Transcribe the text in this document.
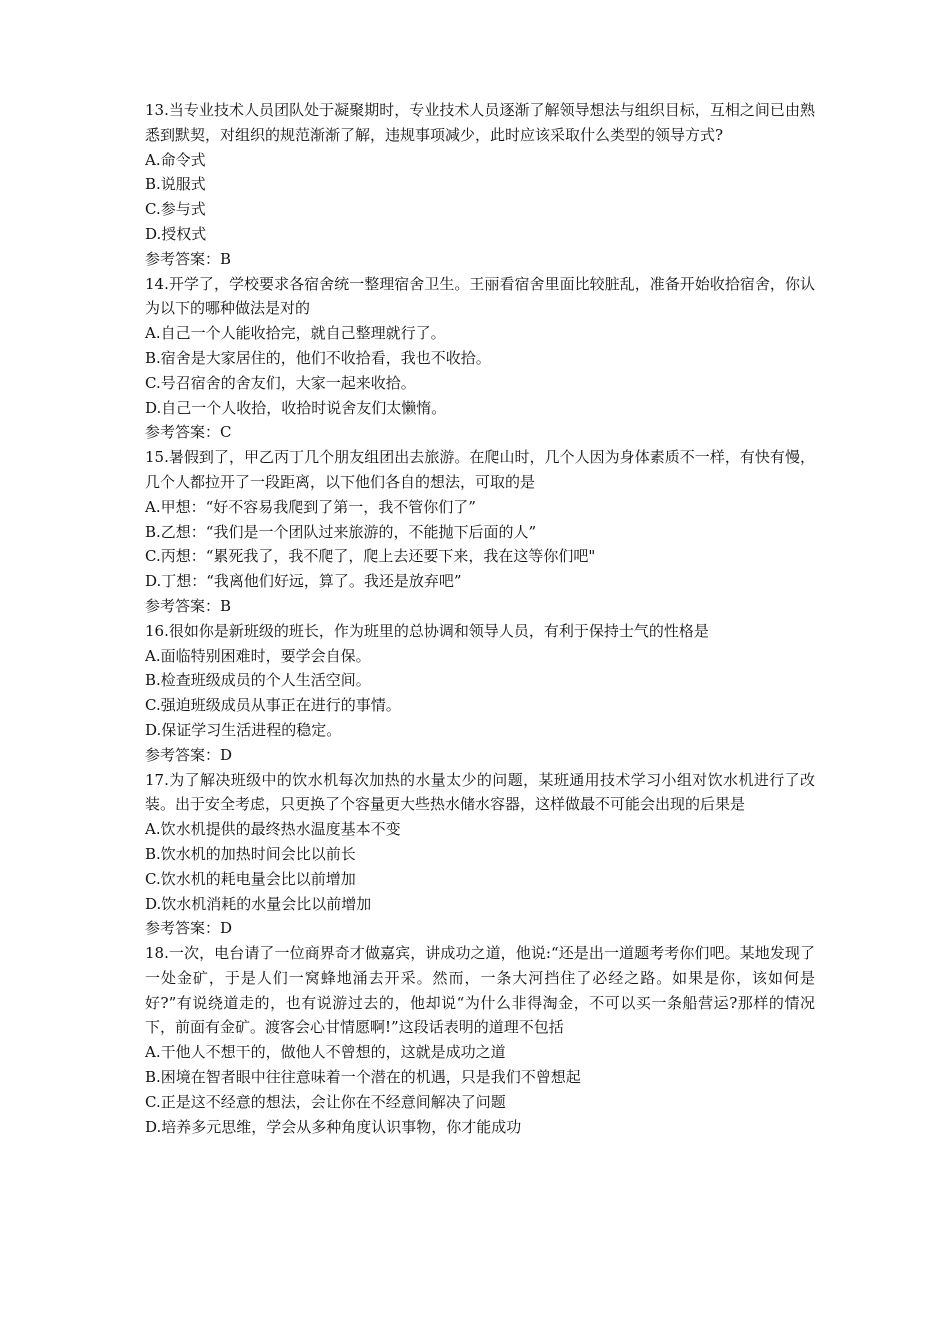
13.当专业技术人员团队处于凝聚期时，专业技术人员逐渐了解领导想法与组织目标，互相之间已由熟悉到默契，对组织的规范渐渐了解，违规事项减少，此时应该采取什么类型的领导方式?

A.命令式

B.说服式

C.参与式

D.授权式

参考答案：B

14.开学了，学校要求各宿舍统一整理宿舍卫生。王丽看宿舍里面比较脏乱，准备开始收拾宿舍，你认为以下的哪种做法是对的

A.自己一个人能收拾完，就自己整理就行了。

B.宿舍是大家居住的，他们不收拾看，我也不收拾。

C.号召宿舍的舍友们，大家一起来收拾。

D.自己一个人收拾，收拾时说舍友们太懒惰。

参考答案：C

15.暑假到了，甲乙丙丁几个朋友组团出去旅游。在爬山时，几个人因为身体素质不一样，有快有慢，几个人都拉开了一段距离，以下他们各自的想法，可取的是

A.甲想：“好不容易我爬到了第一，我不管你们了”

B.乙想：“我们是一个团队过来旅游的，不能抛下后面的人”

C.丙想：“累死我了，我不爬了，爬上去还要下来，我在这等你们吧"

D.丁想：“我离他们好远，算了。我还是放弃吧”

参考答案：B

16.很如你是新班级的班长，作为班里的总协调和领导人员，有利于保持士气的性格是

A.面临特别困难时，要学会自保。

B.检查班级成员的个人生活空间。

C.强迫班级成员从事正在进行的事情。

D.保证学习生活进程的稳定。

参考答案：D

17.为了解决班级中的饮水机每次加热的水量太少的问题，某班通用技术学习小组对饮水机进行了改装。出于安全考虑，只更换了个容量更大些热水储水容器，这样做最不可能会出现的后果是

A.饮水机提供的最终热水温度基本不变

B.饮水机的加热时间会比以前长

C.饮水机的耗电量会比以前增加

D.饮水机消耗的水量会比以前增加

参考答案：D

18.一次，电台请了一位商界奇才做嘉宾，讲成功之道，他说:“还是出一道题考考你们吧。某地发现了一处金矿，于是人们一窝蜂地涌去开采。然而，一条大河挡住了必经之路。如果是你，该如何是好?”有说绕道走的，也有说游过去的，他却说“为什么非得淘金，不可以买一条船营运?那样的情况下，前面有金矿。渡客会心甘情愿啊!”这段话表明的道理不包括

A.干他人不想干的，做他人不曾想的，这就是成功之道

B.困境在智者眼中往往意味着一个潜在的机遇，只是我们不曾想起

C.正是这不经意的想法，会让你在不经意间解决了问题

D.培养多元思维，学会从多种角度认识事物，你才能成功
